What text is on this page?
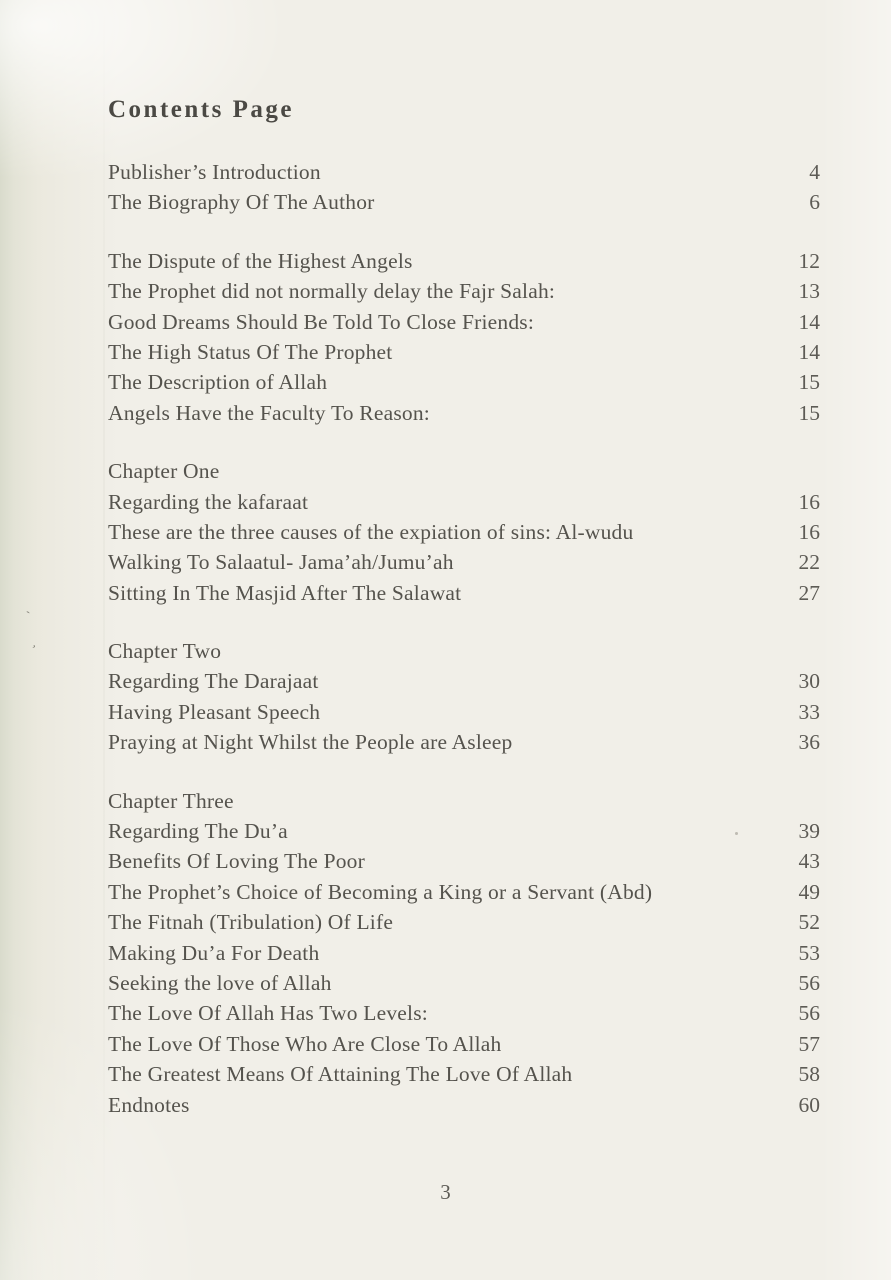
`
’
Contents Page
Publisher’s Introduction	4
The Biography Of The Author	6
The Dispute of the Highest Angels	12
The Prophet did not normally delay the Fajr Salah:	13
Good Dreams Should Be Told To Close Friends:	14
The High Status Of The Prophet	14
The Description of Allah	15
Angels Have the Faculty To Reason:	15
Chapter One
Regarding the kafaraat	16
These are the three causes of the expiation of sins: Al-wudu	16
Walking To Salaatul- Jama’ah/Jumu’ah	22
Sitting In The Masjid After The Salawat	27
Chapter Two
Regarding The Darajaat	30
Having Pleasant Speech	33
Praying at Night Whilst the People are Asleep	36
Chapter Three
Regarding The Du’a	39
Benefits Of Loving The Poor	43
The Prophet’s Choice of Becoming a King or a Servant (Abd)	49
The Fitnah (Tribulation) Of Life	52
Making Du’a For Death	53
Seeking the love of Allah	56
The Love Of Allah Has Two Levels:	56
The Love Of Those Who Are Close To Allah	57
The Greatest Means Of Attaining The Love Of Allah	58
Endnotes	60
3
